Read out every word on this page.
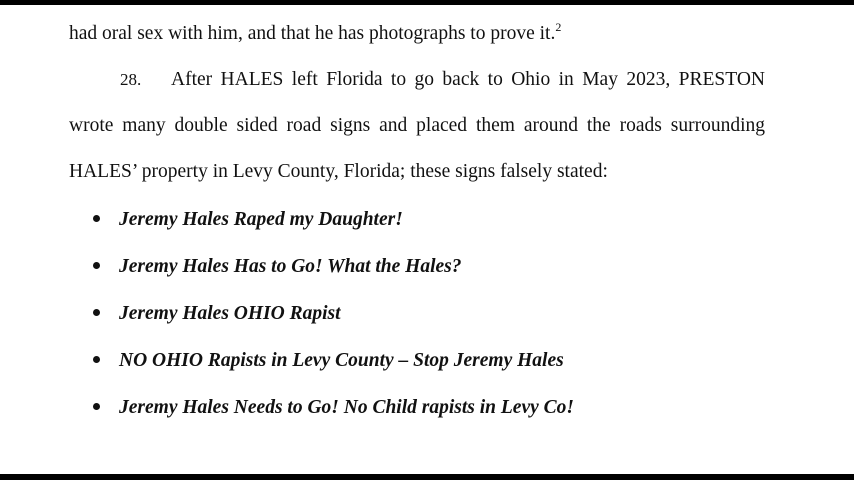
had oral sex with him, and that he has photographs to prove it.$^2$
28. After HALES left Florida to go back to Ohio in May 2023, PRESTON
wrote many double sided road signs and placed them around the roads surrounding
HALES’ property in Levy County, Florida; these signs falsely stated:
Jeremy Hales Raped my Daughter!
Jeremy Hales Has to Go! What the Hales?
Jeremy Hales OHIO Rapist
NO OHIO Rapists in Levy County – Stop Jeremy Hales
Jeremy Hales Needs to Go! No Child rapists in Levy Co!
